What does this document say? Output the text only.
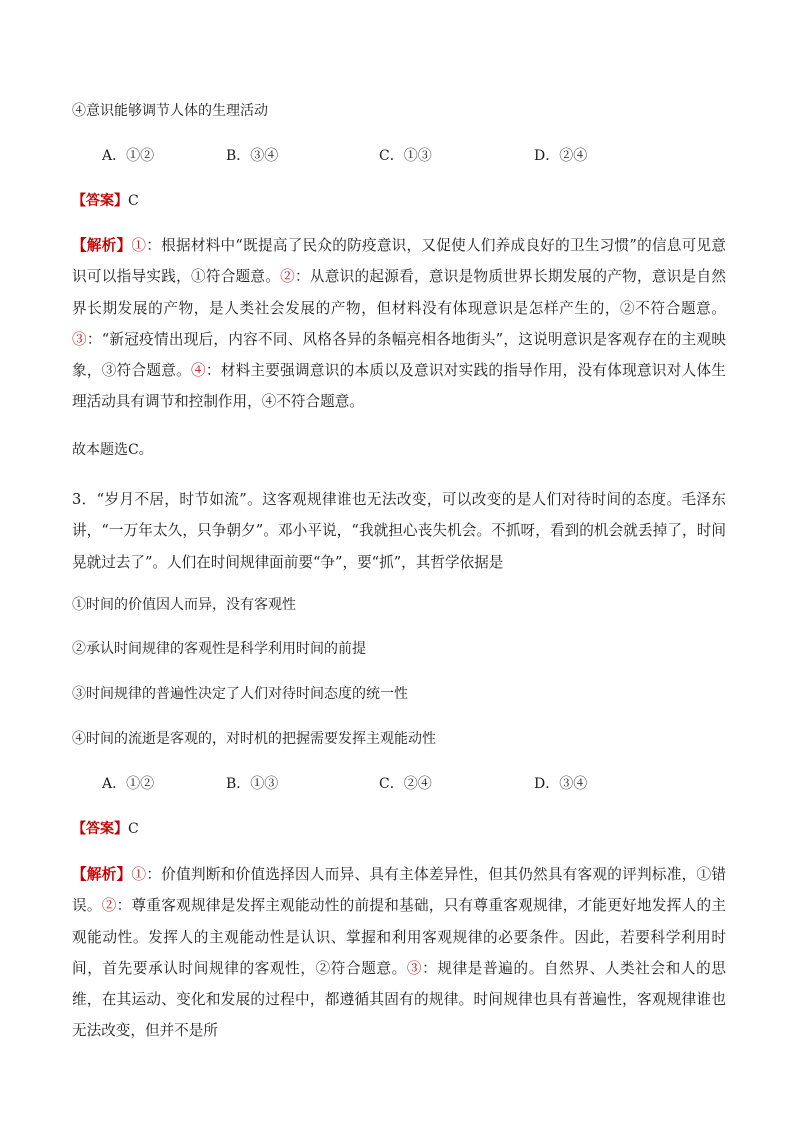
④意识能够调节人体的生理活动
A．①②	B．③④	C．①③	D．②④
【答案】C
【解析】①：根据材料中“既提高了民众的防疫意识，又促使人们养成良好的卫生习惯”的信息可见意识可以指导实践，①符合题意。②：从意识的起源看，意识是物质世界长期发展的产物，意识是自然界长期发展的产物，是人类社会发展的产物，但材料没有体现意识是怎样产生的，②不符合题意。③：“新冠疫情出现后，内容不同、风格各异的条幅亮相各地街头”，这说明意识是客观存在的主观映象，③符合题意。④：材料主要强调意识的本质以及意识对实践的指导作用，没有体现意识对人体生理活动具有调节和控制作用，④不符合题意。
故本题选C。
3．“岁月不居，时节如流”。这客观规律谁也无法改变，可以改变的是人们对待时间的态度。毛泽东讲，“一万年太久，只争朝夕”。邓小平说，“我就担心丧失机会。不抓呀，看到的机会就丢掉了，时间晃就过去了”。人们在时间规律面前要“争”，要“抓”，其哲学依据是
①时间的价值因人而异，没有客观性
②承认时间规律的客观性是科学利用时间的前提
③时间规律的普遍性决定了人们对待时间态度的统一性
④时间的流逝是客观的，对时机的把握需要发挥主观能动性
A．①②	B．①③	C．②④	D．③④
【答案】C
【解析】①：价值判断和价值选择因人而异、具有主体差异性，但其仍然具有客观的评判标准，①错误。②：尊重客观规律是发挥主观能动性的前提和基础，只有尊重客观规律，才能更好地发挥人的主观能动性。发挥人的主观能动性是认识、掌握和利用客观规律的必要条件。因此，若要科学利用时间，首先要承认时间规律的客观性，②符合题意。③：规律是普遍的。自然界、人类社会和人的思维，在其运动、变化和发展的过程中，都遵循其固有的规律。时间规律也具有普遍性，客观规律谁也无法改变，但并不是所
